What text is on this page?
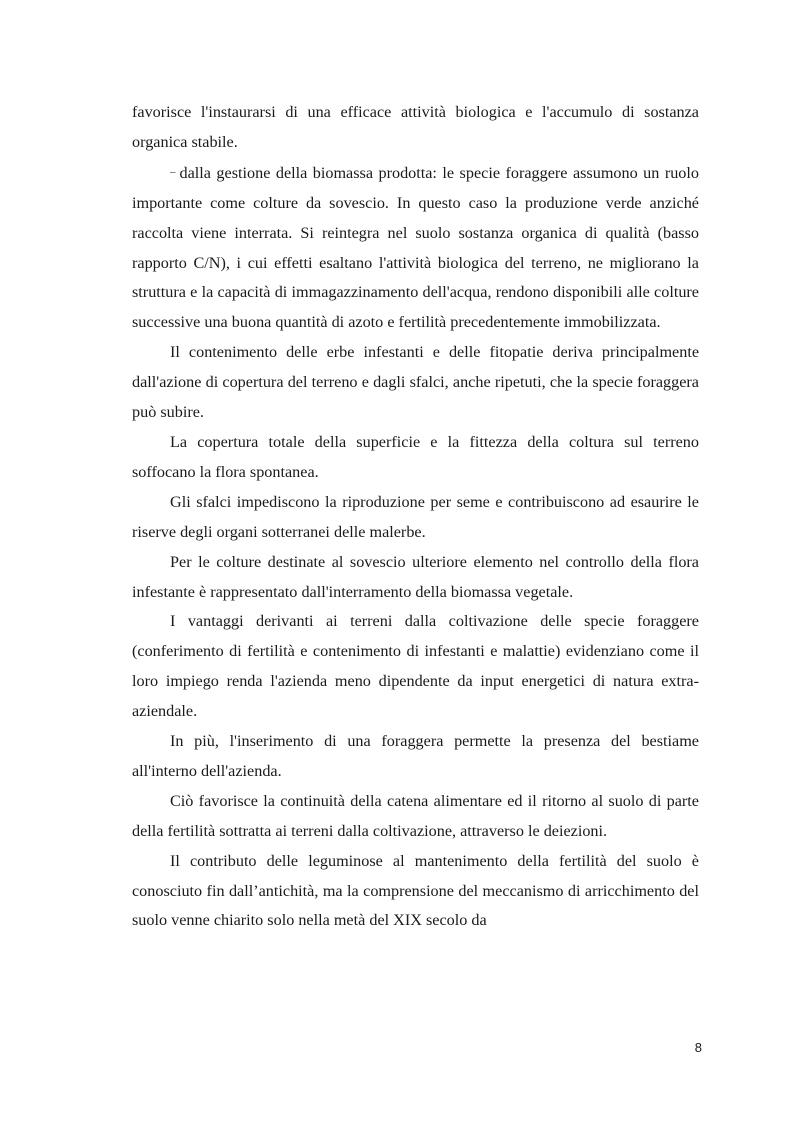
favorisce l'instaurarsi di una efficace attività biologica e l'accumulo di sostanza organica stabile.

– dalla gestione della biomassa prodotta: le specie foraggere assumono un ruolo importante come colture da sovescio. In questo caso la produzione verde anziché raccolta viene interrata. Si reintegra nel suolo sostanza organica di qualità (basso rapporto C/N), i cui effetti esaltano l'attività biologica del terreno, ne migliorano la struttura e la capacità di immagazzinamento dell'acqua, rendono disponibili alle colture successive una buona quantità di azoto e fertilità precedentemente immobilizzata.

Il contenimento delle erbe infestanti e delle fitopatie deriva principalmente dall'azione di copertura del terreno e dagli sfalci, anche ripetuti, che la specie foraggera può subire.

La copertura totale della superficie e la fittezza della coltura sul terreno soffocano la flora spontanea.

Gli sfalci impediscono la riproduzione per seme e contribuiscono ad esaurire le riserve degli organi sotterranei delle malerbe.

Per le colture destinate al sovescio ulteriore elemento nel controllo della flora infestante è rappresentato dall'interramento della biomassa vegetale.

I vantaggi derivanti ai terreni dalla coltivazione delle specie foraggere (conferimento di fertilità e contenimento di infestanti e malattie) evidenziano come il loro impiego renda l'azienda meno dipendente da input energetici di natura extra-aziendale.

In più, l'inserimento di una foraggera permette la presenza del bestiame all'interno dell'azienda.

Ciò favorisce la continuità della catena alimentare ed il ritorno al suolo di parte della fertilità sottratta ai terreni dalla coltivazione, attraverso le deiezioni.

Il contributo delle leguminose al mantenimento della fertilità del suolo è conosciuto fin dall’antichità, ma la comprensione del meccanismo di arricchimento del suolo venne chiarito solo nella metà del XIX secolo da

8
